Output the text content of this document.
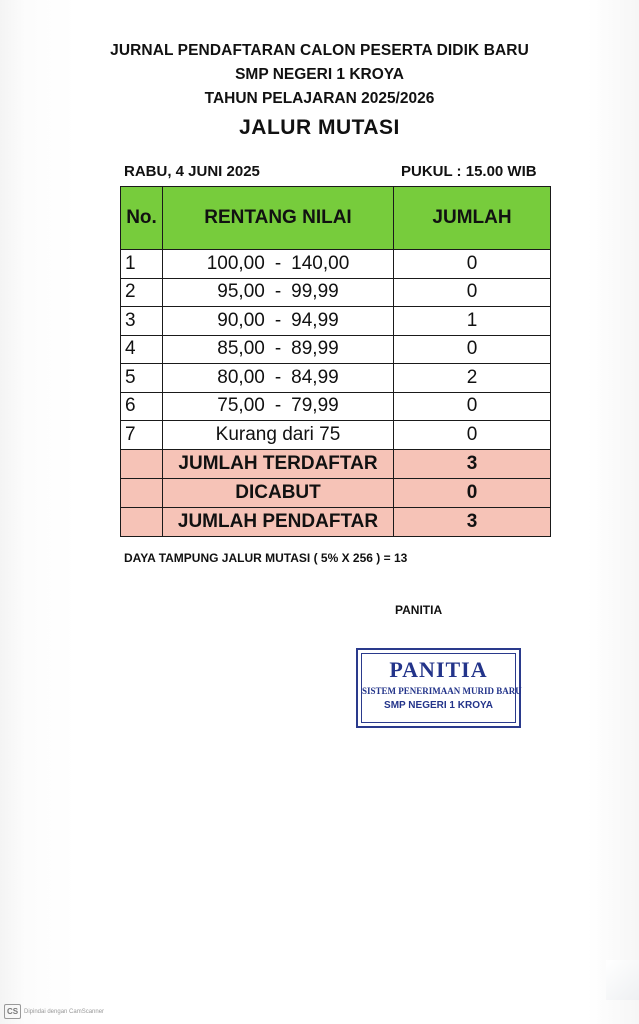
JURNAL PENDAFTARAN CALON PESERTA DIDIK BARU

SMP NEGERI 1 KROYA

TAHUN PELAJARAN 2025/2026

JALUR MUTASI

RABU, 4 JUNI 2025	PUKUL : 15.00 WIB
No.	RENTANG NILAI	JUMLAH
1	100,00 - 140,00	0
2	95,00 - 99,99	0
3	90,00 - 94,99	1
4	85,00 - 89,99	0
5	80,00 - 84,99	2
6	75,00 - 79,99	0
7	Kurang dari 75	0
	JUMLAH TERDAFTAR	3
	DICABUT	0
	JUMLAH PENDAFTAR	3
DAYA TAMPUNG JALUR MUTASI ( 5% X 256 ) = 13
PANITIA
PANITIA
SISTEM PENERIMAAN MURID BARU
SMP NEGERI 1 KROYA
CS Dipindai dengan CamScanner
